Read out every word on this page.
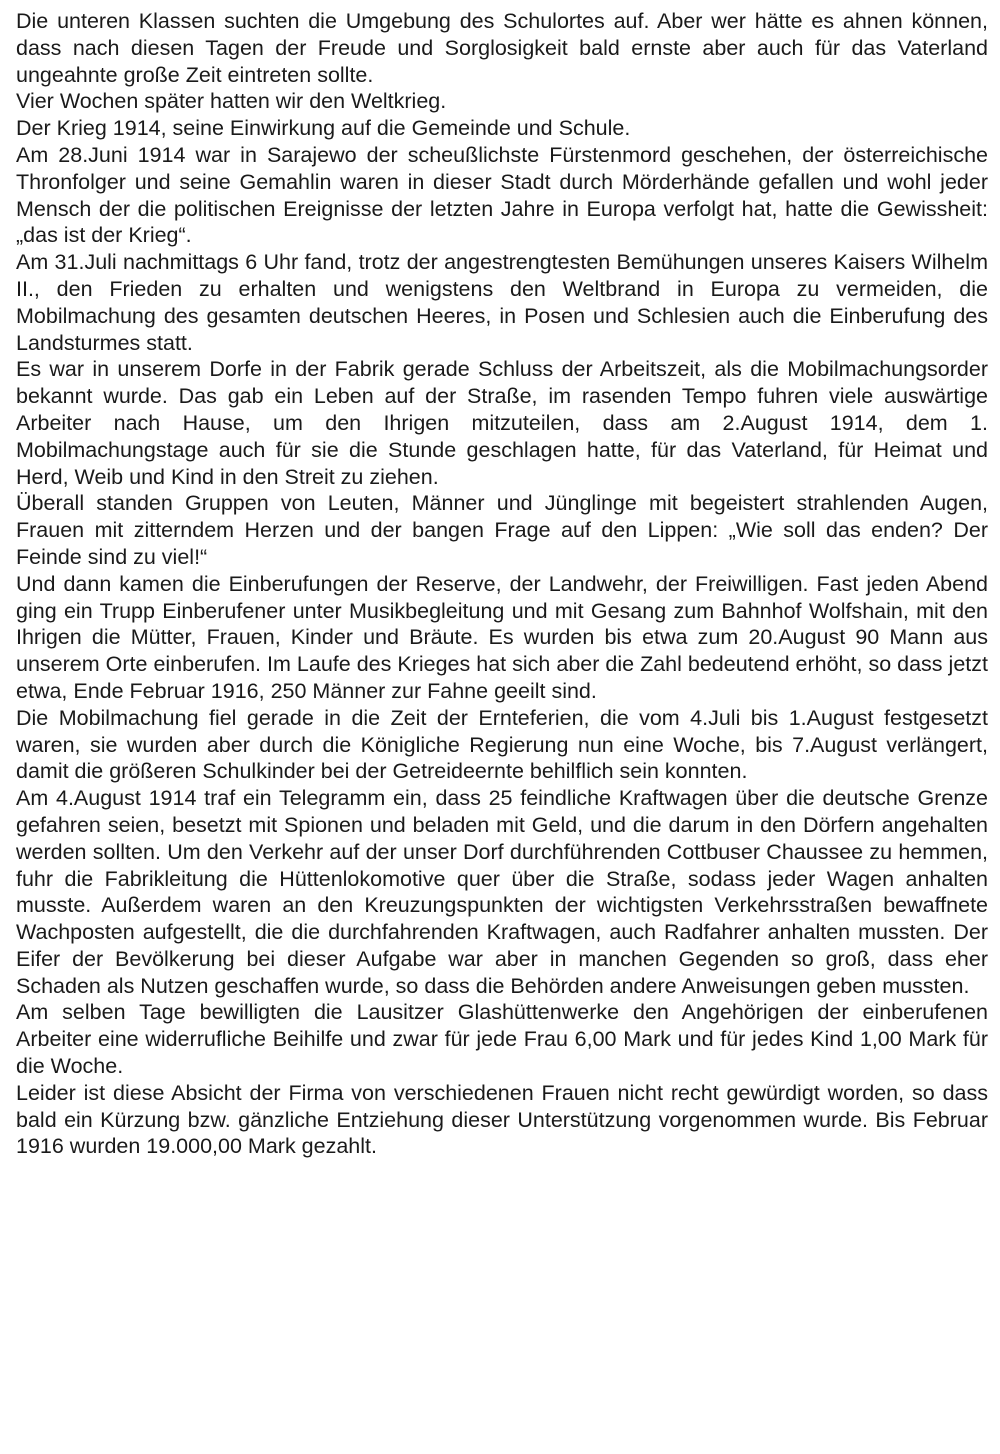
Die unteren Klassen suchten die Umgebung des Schulortes auf. Aber wer hätte es ahnen können, dass nach diesen Tagen der Freude und Sorglosigkeit bald ernste aber auch für das Vaterland ungeahnte große Zeit eintreten sollte.

Vier Wochen später hatten wir den Weltkrieg.

Der Krieg 1914, seine Einwirkung auf die Gemeinde und Schule.

Am 28.Juni 1914 war in Sarajewo der scheußlichste Fürstenmord geschehen, der österreichische Thronfolger und seine Gemahlin waren in dieser Stadt durch Mörderhände gefallen und wohl jeder Mensch der die politischen Ereignisse der letzten Jahre in Europa verfolgt hat, hatte die Gewissheit: „das ist der Krieg“.

Am 31.Juli nachmittags 6 Uhr fand, trotz der angestrengtesten Bemühungen unseres Kaisers Wilhelm II., den Frieden zu erhalten und wenigstens den Weltbrand in Europa zu vermeiden, die Mobilmachung des gesamten deutschen Heeres, in Posen und Schlesien auch die Einberufung des Landsturmes statt.

Es war in unserem Dorfe in der Fabrik gerade Schluss der Arbeitszeit, als die Mobilmachungsorder bekannt wurde. Das gab ein Leben auf der Straße, im rasenden Tempo fuhren viele auswärtige Arbeiter nach Hause, um den Ihrigen mitzuteilen, dass am 2.August 1914, dem 1. Mobilmachungstage auch für sie die Stunde geschlagen hatte, für das Vaterland, für Heimat und Herd, Weib und Kind in den Streit zu ziehen.

Überall standen Gruppen von Leuten, Männer und Jünglinge mit begeistert strahlenden Augen, Frauen mit zitterndem Herzen und der bangen Frage auf den Lippen: „Wie soll das enden? Der Feinde sind zu viel!“

Und dann kamen die Einberufungen der Reserve, der Landwehr, der Freiwilligen. Fast jeden Abend ging ein Trupp Einberufener unter Musikbegleitung und mit Gesang zum Bahnhof Wolfshain, mit den Ihrigen die Mütter, Frauen, Kinder und Bräute. Es wurden bis etwa zum 20.August 90 Mann aus unserem Orte einberufen. Im Laufe des Krieges hat sich aber die Zahl bedeutend erhöht, so dass jetzt etwa, Ende Februar 1916, 250 Männer zur Fahne geeilt sind.

Die Mobilmachung fiel gerade in die Zeit der Ernteferien, die vom 4.Juli bis 1.August festgesetzt waren, sie wurden aber durch die Königliche Regierung nun eine Woche, bis 7.August verlängert, damit die größeren Schulkinder bei der Getreideernte behilflich sein konnten.

Am 4.August 1914 traf ein Telegramm ein, dass 25 feindliche Kraftwagen über die deutsche Grenze gefahren seien, besetzt mit Spionen und beladen mit Geld, und die darum in den Dörfern angehalten werden sollten. Um den Verkehr auf der unser Dorf durchführenden Cottbuser Chaussee zu hemmen, fuhr die Fabrikleitung die Hüttenlokomotive quer über die Straße, sodass jeder Wagen anhalten musste. Außerdem waren an den Kreuzungspunkten der wichtigsten Verkehrsstraßen bewaffnete Wachposten aufgestellt, die die durchfahrenden Kraftwagen, auch Radfahrer anhalten mussten. Der Eifer der Bevölkerung bei dieser Aufgabe war aber in manchen Gegenden so groß, dass eher Schaden als Nutzen geschaffen wurde, so dass die Behörden andere Anweisungen geben mussten.

Am selben Tage bewilligten die Lausitzer Glashüttenwerke den Angehörigen der einberufenen Arbeiter eine widerrufliche Beihilfe und zwar für jede Frau 6,00 Mark und für jedes Kind 1,00 Mark für die Woche.

Leider ist diese Absicht der Firma von verschiedenen Frauen nicht recht gewürdigt worden, so dass bald ein Kürzung bzw. gänzliche Entziehung dieser Unterstützung vorgenommen wurde. Bis Februar 1916 wurden 19.000,00 Mark gezahlt.
